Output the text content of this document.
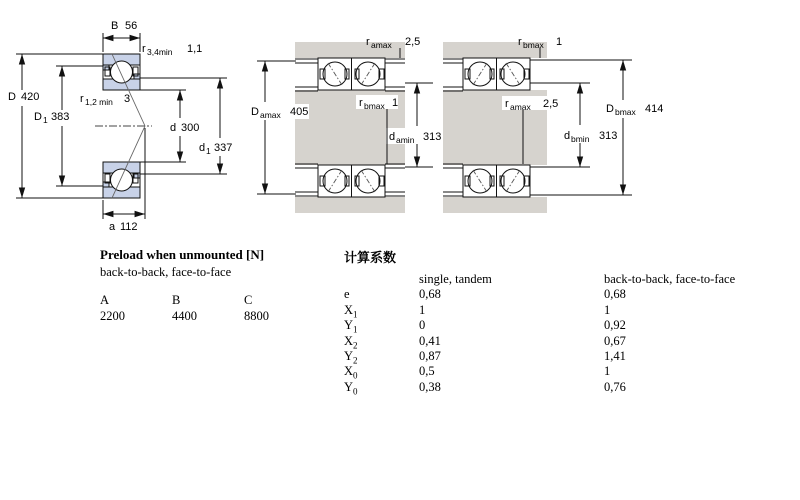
B 56
r 3,4min 1,1
D 420
D 1 383
r 1,2 min 3
d 300
d 1 337
a 112
r amax 2,5
D amax 405
r bmax 1
d amin 313
r bmax 1
r amax 2,5	D bmax 414
d bmin 313
Preload when unmounted [N]
back-to-back, face-to-face
A	B	C
2200	4400	8800
计算系数
	single, tandem	back-to-back, face-to-face
e	0,68	0,68
$X_1$	1	1
$Y_1$	0	0,92
$X_2$	0,41	0,67
$Y_2$	0,87	1,41
$X_0$	0,5	1
$Y_0$	0,38	0,76
